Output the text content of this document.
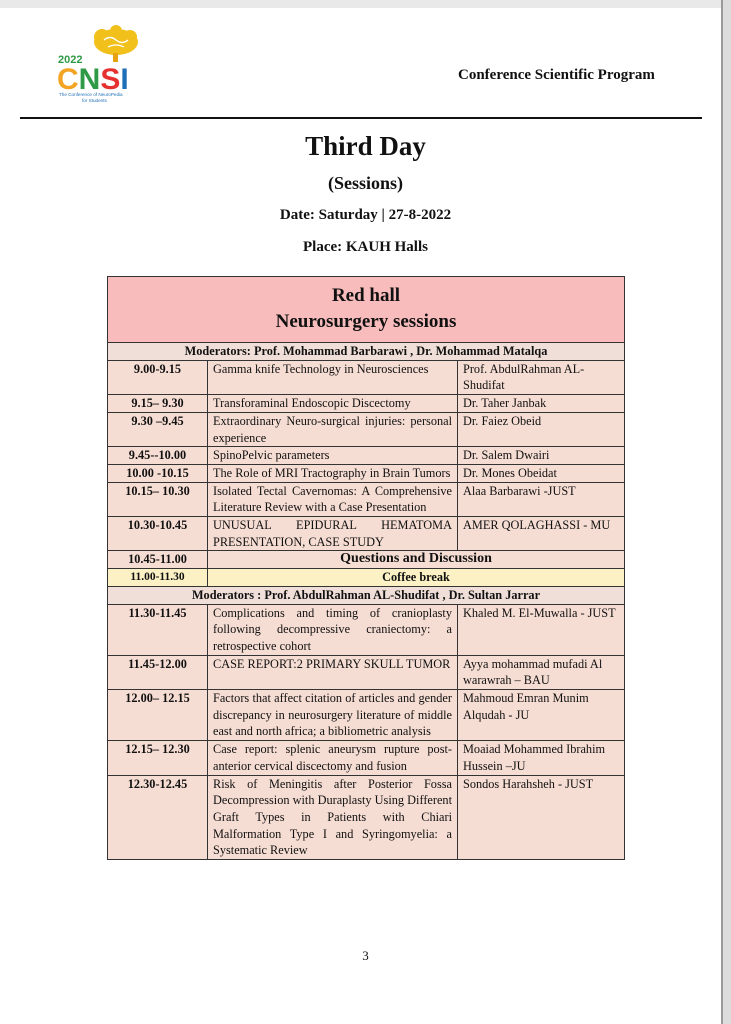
2022
CNSI
The Conference of NeuroPedia
for Students
Conference Scientific Program
Third Day
(Sessions)
Date: Saturday | 27-8-2022
Place: KAUH Halls
Red hall
Neurosurgery sessions		

Moderators: Prof. Mohammad Barbarawi , Dr. Mohammad Matalqa		
9.00-9.15	Gamma knife Technology in Neurosciences	Prof. AbdulRahman AL-Shudifat
9.15– 9.30	Transforaminal Endoscopic Discectomy	Dr. Taher Janbak
9.30 –9.45	Extraordinary Neuro-surgical injuries: personal experience	Dr. Faiez Obeid
9.45--10.00	SpinoPelvic parameters	Dr. Salem Dwairi
10.00 -10.15	The Role of MRI Tractography in Brain Tumors	Dr. Mones Obeidat
10.15– 10.30	Isolated Tectal Cavernomas: A Comprehensive Literature Review with a Case Presentation	Alaa Barbarawi -JUST
10.30-10.45	UNUSUAL EPIDURAL HEMATOMA PRESENTATION, CASE STUDY	AMER QOLAGHASSI - MU
10.45-11.00	Questions and Discussion	
11.00-11.30	Coffee break	
Moderators : Prof. AbdulRahman AL-Shudifat , Dr. Sultan Jarrar		
11.30-11.45	Complications and timing of cranioplasty following decompressive craniectomy: a retrospective cohort	Khaled M. El-Muwalla - JUST
11.45-12.00	CASE REPORT:2 PRIMARY SKULL TUMOR	Ayya mohammad mufadi Al warawrah – BAU
12.00– 12.15	Factors that affect citation of articles and gender discrepancy in neurosurgery literature of middle east and north africa; a bibliometric analysis	Mahmoud Emran Munim Alqudah - JU
12.15– 12.30	Case report: splenic aneurysm rupture post-anterior cervical discectomy and fusion	Moaiad Mohammed Ibrahim Hussein –JU
12.30-12.45	Risk of Meningitis after Posterior Fossa Decompression with Duraplasty Using Different Graft Types in Patients with Chiari Malformation Type I and Syringomyelia: a Systematic Review	Sondos Harahsheh - JUST
3
